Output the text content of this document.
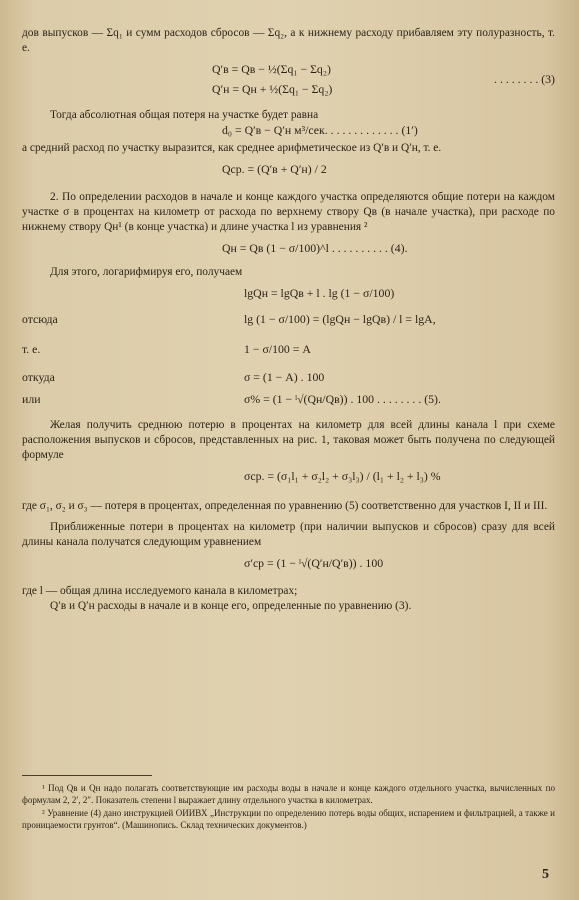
дов выпусков — Σq₁ и сумм расходов сбросов — Σq₂, а к нижнему расходу прибавляем эту полуразность, т. е.

Q′в = Qв − ½(Σq₁ − Σq₂)
Q′н = Qн + ½(Σq₁ − Σq₂)
. . . . . . . . (3)

Тогда абсолютная общая потеря на участке будет равна

d₀ = Q′в − Q′н м³/сек. . . . . . . . . . . . . (1′)

а средний расход по участку выразится, как среднее арифметическое из Q′в и Q′н, т. е.

Qср. = (Q′в + Q′н) / 2

2. По определении расходов в начале и конце каждого участка определяются общие потери на каждом участке σ в процентах на километр от расхода по верхнему створу Qв (в начале участка), при расходе по нижнему створу Qн¹ (в конце участка) и длине участка l из уравнения ²

Qн = Qв (1 − σ/100)^l . . . . . . . . . . (4).

Для этого, логарифмируя его, получаем

lgQн = lgQв + l . lg (1 − σ/100)
отсюда	lg (1 − σ/100) = (lgQн − lgQв) / l = lgA,
т. е.	1 − σ/100 = A
откуда	σ = (1 − A) . 100
или	σ% = (1 − ˡ√(Qн/Qв)) . 100 . . . . . . . . (5).

Желая получить среднюю потерю в процентах на километр для всей длины канала l при схеме расположения выпусков и сбросов, представленных на рис. 1, таковая может быть получена по следующей формуле

σср. = (σ₁l₁ + σ₂l₂ + σ₃l₃) / (l₁ + l₂ + l₃) %

где σ₁, σ₂ и σ₃ — потеря в процентах, определенная по уравнению (5) соответственно для участков I, II и III.

Приближенные потери в процентах на километр (при наличии выпусков и сбросов) сразу для всей длины канала получатся следующим уравнением

σ′ср = (1 − ˡ√(Q′н/Q′в)) . 100

где l — общая длина исследуемого канала в километрах;

Q′в и Q′н расходы в начале и в конце его, определенные по уравнению (3).

¹ Под Qв и Qн надо полагать соответствующие им расходы воды в начале и конце каждого отдельного участка, вычисленных по формулам 2, 2′, 2″. Показатель степени l выражает длину отдельного участка в километрах.

² Уравнение (4) дано инструкцией ОИИВХ „Инструкции по определению потерь воды общих, испарением и фильтрацией, а также и проницаемости грунтов“. (Машинопись. Склад технических документов.)

5
